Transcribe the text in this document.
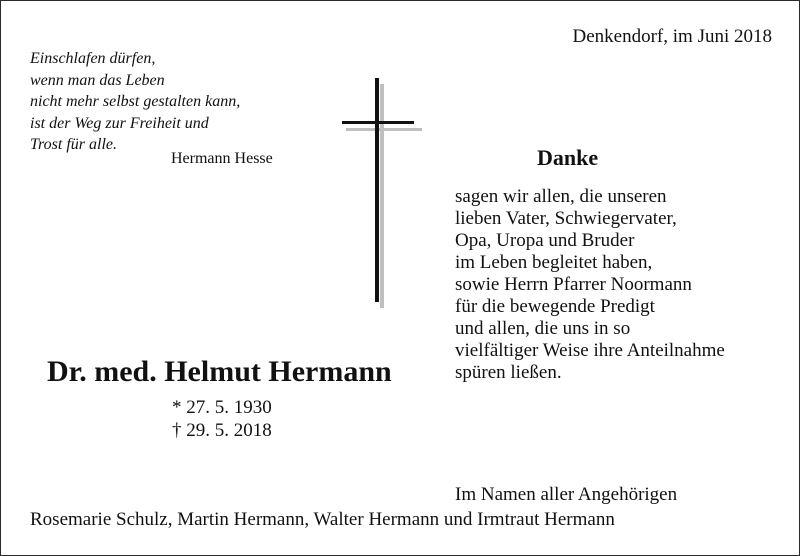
Denkendorf, im Juni 2018
Einschlafen dürfen,
wenn man das Leben
nicht mehr selbst gestalten kann,
ist der Weg zur Freiheit und
Trost für alle.
Hermann Hesse	Danke
sagen wir allen, die unseren
lieben Vater, Schwiegervater,
Opa, Uropa und Bruder
im Leben begleitet haben,
sowie Herrn Pfarrer Noormann
für die bewegende Predigt
und allen, die uns in so
vielfältiger Weise ihre Anteilnahme
spüren ließen.
Dr. med. Helmut Hermann
* 27. 5. 1930
† 29. 5. 2018
Im Namen aller Angehörigen
Rosemarie Schulz, Martin Hermann, Walter Hermann und Irmtraut Hermann
